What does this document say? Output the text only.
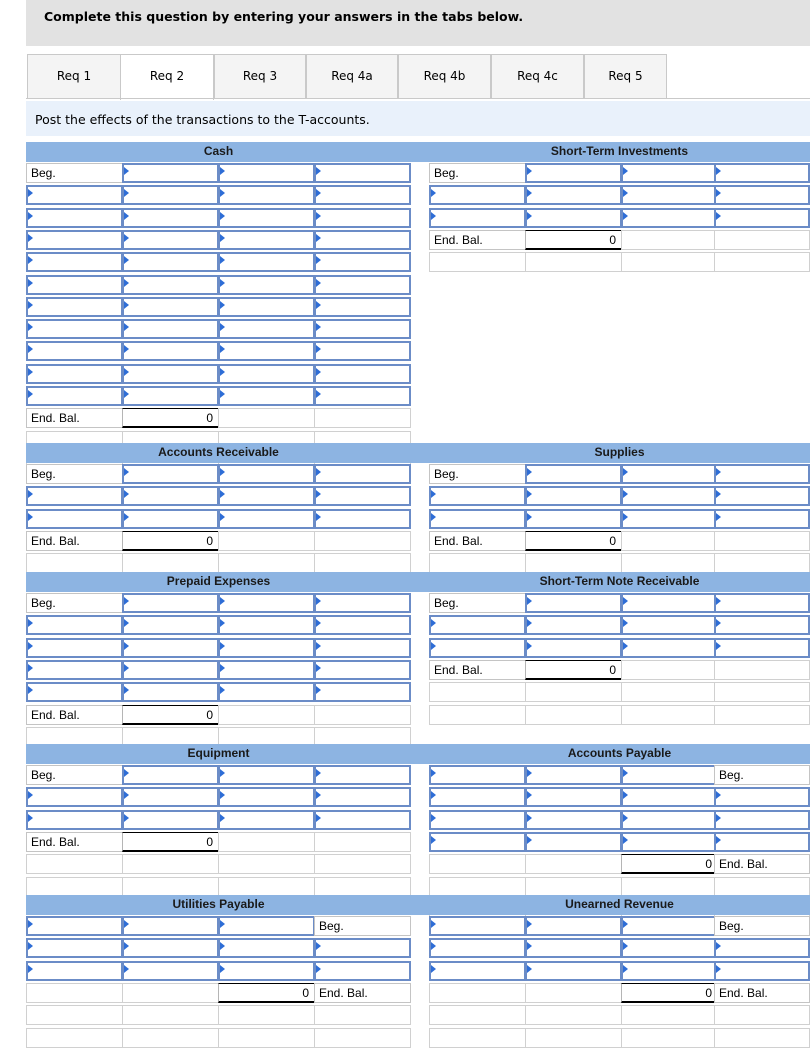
Complete this question by entering your answers in the tabs below.
Req 1	Req 2	Req 3	Req 4a	Req 4b	Req 4c	Req 5
Post the effects of the transactions to the T-accounts.
Cash
Beg.
End. Bal.	0
Short-Term Investments
Beg.
End. Bal.	0
Accounts Receivable
Beg.
End. Bal.	0
Supplies
Beg.
End. Bal.	0
Prepaid Expenses
Beg.
End. Bal.	0
Short-Term Note Receivable
Beg.
End. Bal.	0
Equipment
Beg.
End. Bal.	0
Accounts Payable
Beg.
0 End. Bal.
Utilities Payable
Beg.
0 End. Bal.
Unearned Revenue
Beg.
0 End. Bal.
